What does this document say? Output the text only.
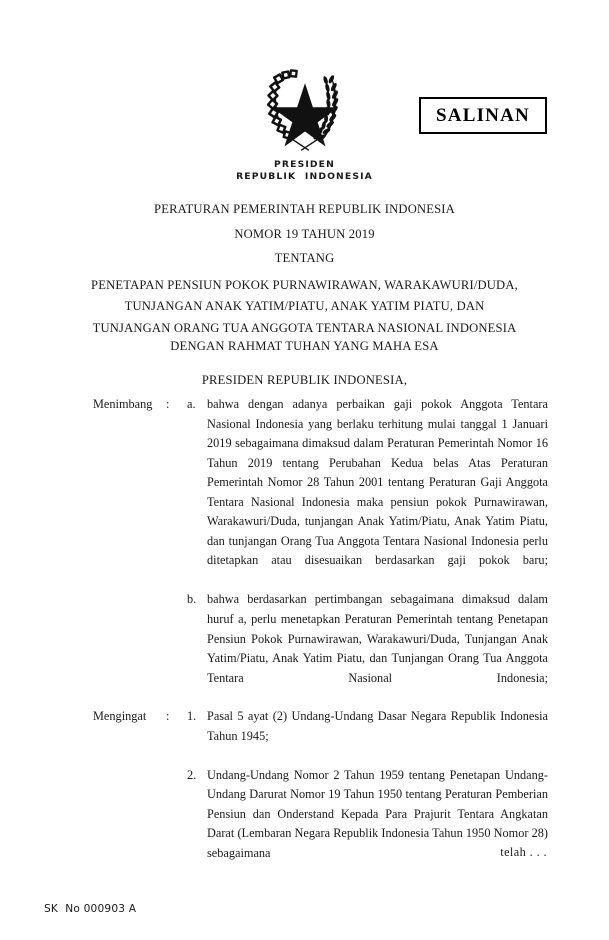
PRESIDEN
REPUBLIK  INDONESIA
SALINAN
PERATURAN PEMERINTAH REPUBLIK INDONESIA
NOMOR 19 TAHUN 2019
TENTANG
PENETAPAN PENSIUN POKOK PURNAWIRAWAN, WARAKAWURI/DUDA,
TUNJANGAN ANAK YATIM/PIATU, ANAK YATIM PIATU, DAN
TUNJANGAN ORANG TUA ANGGOTA TENTARA NASIONAL INDONESIA
DENGAN RAHMAT TUHAN YANG MAHA ESA
PRESIDEN REPUBLIK INDONESIA,
Menimbang	:	a. bahwa dengan adanya perbaikan gaji pokok Anggota Tentara Nasional Indonesia yang berlaku terhitung mulai tanggal 1 Januari 2019 sebagaimana dimaksud dalam Peraturan Pemerintah Nomor 16 Tahun 2019 tentang Perubahan Kedua belas Atas Peraturan Pemerintah Nomor 28 Tahun 2001 tentang Peraturan Gaji Anggota Tentara Nasional Indonesia maka pensiun pokok Purnawirawan, Warakawuri/Duda, tunjangan Anak Yatim/Piatu, Anak Yatim Piatu, dan tunjangan Orang Tua Anggota Tentara Nasional Indonesia perlu ditetapkan atau disesuaikan berdasarkan gaji pokok baru;
b. bahwa berdasarkan pertimbangan sebagaimana dimaksud dalam huruf a, perlu menetapkan Peraturan Pemerintah tentang Penetapan Pensiun Pokok Purnawirawan, Warakawuri/Duda, Tunjangan Anak Yatim/Piatu, Anak Yatim Piatu, dan Tunjangan Orang Tua Anggota Tentara Nasional Indonesia;
Mengingat	:	1. Pasal 5 ayat (2) Undang-Undang Dasar Negara Republik Indonesia Tahun 1945;
2. Undang-Undang Nomor 2 Tahun 1959 tentang Penetapan Undang-Undang Darurat Nomor 19 Tahun 1950 tentang Peraturan Pemberian Pensiun dan Onderstand Kepada Para Prajurit Tentara Angkatan Darat (Lembaran Negara Republik Indonesia Tahun 1950 Nomor 28) sebagaimana	telah . . .
SK  No 000903 A
